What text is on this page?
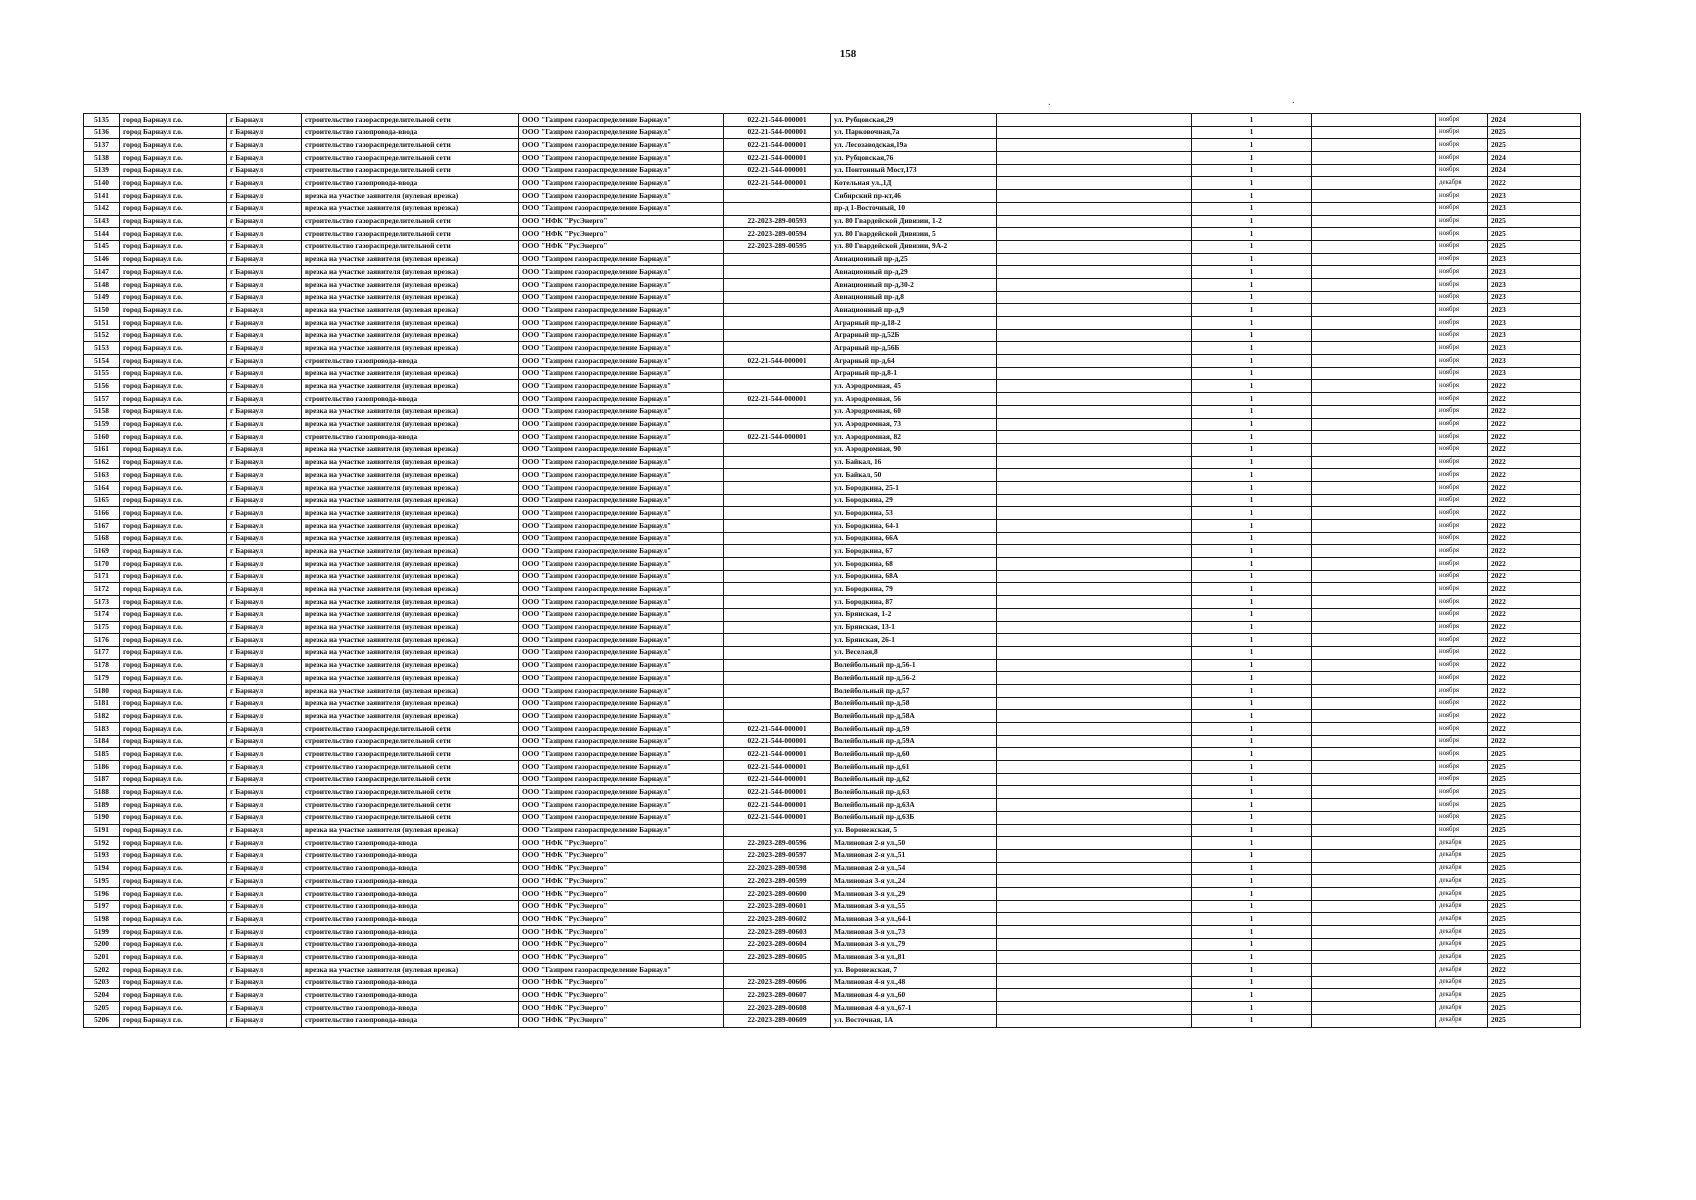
158
.	.
5135	город Барнаул г.о.	г Барнаул	строительство газораспределительной сети	ООО "Газпром газораспределение Барнаул"	022-21-544-000001	ул. Рубцовская,29		1		ноября	2024
5136	город Барнаул г.о.	г Барнаул	строительство газопровода-ввода	ООО "Газпром газораспределение Барнаул"	022-21-544-000001	ул. Парковочная,7а		1		ноября	2025
5137	город Барнаул г.о.	г Барнаул	строительство газораспределительной сети	ООО "Газпром газораспределение Барнаул"	022-21-544-000001	ул. Лесозаводская,19а		1		ноября	2025
5138	город Барнаул г.о.	г Барнаул	строительство газораспределительной сети	ООО "Газпром газораспределение Барнаул"	022-21-544-000001	ул. Рубцовская,76		1		ноября	2024
5139	город Барнаул г.о.	г Барнаул	строительство газораспределительной сети	ООО "Газпром газораспределение Барнаул"	022-21-544-000001	ул. Понтонный Мост,173		1		ноября	2024
5140	город Барнаул г.о.	г Барнаул	строительство газопровода-ввода	ООО "Газпром газораспределение Барнаул"	022-21-544-000001	Котельная ул.,1Д		1		декабря	2022
5141	город Барнаул г.о.	г Барнаул	врезка на участке заявителя (нулевая врезка)	ООО "Газпром газораспределение Барнаул"		Сибирский пр-кт,46		1		ноября	2023
5142	город Барнаул г.о.	г Барнаул	врезка на участке заявителя (нулевая врезка)	ООО "Газпром газораспределение Барнаул"		пр-д 1-Восточный, 10		1		ноября	2023
5143	город Барнаул г.о.	г Барнаул	строительство газораспределительной сети	ООО "НФК "РусЭнерго"	22-2023-289-00593	ул. 80 Гвардейской Дивизии, 1-2		1		ноября	2025
5144	город Барнаул г.о.	г Барнаул	строительство газораспределительной сети	ООО "НФК "РусЭнерго"	22-2023-289-00594	ул. 80 Гвардейской Дивизии, 5		1		ноября	2025
5145	город Барнаул г.о.	г Барнаул	строительство газораспределительной сети	ООО "НФК "РусЭнерго"	22-2023-289-00595	ул. 80 Гвардейской Дивизии, 9А-2		1		ноября	2025
5146	город Барнаул г.о.	г Барнаул	врезка на участке заявителя (нулевая врезка)	ООО "Газпром газораспределение Барнаул"		Авиационный пр-д,25		1		ноября	2023
5147	город Барнаул г.о.	г Барнаул	врезка на участке заявителя (нулевая врезка)	ООО "Газпром газораспределение Барнаул"		Авиационный пр-д,29		1		ноября	2023
5148	город Барнаул г.о.	г Барнаул	врезка на участке заявителя (нулевая врезка)	ООО "Газпром газораспределение Барнаул"		Авиационный пр-д,30-2		1		ноября	2023
5149	город Барнаул г.о.	г Барнаул	врезка на участке заявителя (нулевая врезка)	ООО "Газпром газораспределение Барнаул"		Авиационный пр-д,8		1		ноября	2023
5150	город Барнаул г.о.	г Барнаул	врезка на участке заявителя (нулевая врезка)	ООО "Газпром газораспределение Барнаул"		Авиационный пр-д,9		1		ноября	2023
5151	город Барнаул г.о.	г Барнаул	врезка на участке заявителя (нулевая врезка)	ООО "Газпром газораспределение Барнаул"		Аграрный пр-д,18-2		1		ноября	2023
5152	город Барнаул г.о.	г Барнаул	врезка на участке заявителя (нулевая врезка)	ООО "Газпром газораспределение Барнаул"		Аграрный пр-д,52Б		1		ноября	2023
5153	город Барнаул г.о.	г Барнаул	врезка на участке заявителя (нулевая врезка)	ООО "Газпром газораспределение Барнаул"		Аграрный пр-д,56Б		1		ноября	2023
5154	город Барнаул г.о.	г Барнаул	строительство газопровода-ввода	ООО "Газпром газораспределение Барнаул"	022-21-544-000001	Аграрный пр-д,64		1		ноября	2023
5155	город Барнаул г.о.	г Барнаул	врезка на участке заявителя (нулевая врезка)	ООО "Газпром газораспределение Барнаул"		Аграрный пр-д,8-1		1		ноября	2023
5156	город Барнаул г.о.	г Барнаул	врезка на участке заявителя (нулевая врезка)	ООО "Газпром газораспределение Барнаул"		ул. Аэродромная, 45		1		ноября	2022
5157	город Барнаул г.о.	г Барнаул	строительство газопровода-ввода	ООО "Газпром газораспределение Барнаул"	022-21-544-000001	ул. Аэродромная, 56		1		ноября	2022
5158	город Барнаул г.о.	г Барнаул	врезка на участке заявителя (нулевая врезка)	ООО "Газпром газораспределение Барнаул"		ул. Аэродромная, 60		1		ноября	2022
5159	город Барнаул г.о.	г Барнаул	врезка на участке заявителя (нулевая врезка)	ООО "Газпром газораспределение Барнаул"		ул. Аэродромная, 73		1		ноября	2022
5160	город Барнаул г.о.	г Барнаул	строительство газопровода-ввода	ООО "Газпром газораспределение Барнаул"	022-21-544-000001	ул. Аэродромная, 82		1		ноября	2022
5161	город Барнаул г.о.	г Барнаул	врезка на участке заявителя (нулевая врезка)	ООО "Газпром газораспределение Барнаул"		ул. Аэродромная, 90		1		ноября	2022
5162	город Барнаул г.о.	г Барнаул	врезка на участке заявителя (нулевая врезка)	ООО "Газпром газораспределение Барнаул"		ул. Байкал, 16		1		ноября	2022
5163	город Барнаул г.о.	г Барнаул	врезка на участке заявителя (нулевая врезка)	ООО "Газпром газораспределение Барнаул"		ул. Байкал, 50		1		ноября	2022
5164	город Барнаул г.о.	г Барнаул	врезка на участке заявителя (нулевая врезка)	ООО "Газпром газораспределение Барнаул"		ул. Бородкина, 25-1		1		ноября	2022
5165	город Барнаул г.о.	г Барнаул	врезка на участке заявителя (нулевая врезка)	ООО "Газпром газораспределение Барнаул"		ул. Бородкина, 29		1		ноября	2022
5166	город Барнаул г.о.	г Барнаул	врезка на участке заявителя (нулевая врезка)	ООО "Газпром газораспределение Барнаул"		ул. Бородкина, 53		1		ноября	2022
5167	город Барнаул г.о.	г Барнаул	врезка на участке заявителя (нулевая врезка)	ООО "Газпром газораспределение Барнаул"		ул. Бородкина, 64-1		1		ноября	2022
5168	город Барнаул г.о.	г Барнаул	врезка на участке заявителя (нулевая врезка)	ООО "Газпром газораспределение Барнаул"		ул. Бородкина, 66А		1		ноября	2022
5169	город Барнаул г.о.	г Барнаул	врезка на участке заявителя (нулевая врезка)	ООО "Газпром газораспределение Барнаул"		ул. Бородкина, 67		1		ноября	2022
5170	город Барнаул г.о.	г Барнаул	врезка на участке заявителя (нулевая врезка)	ООО "Газпром газораспределение Барнаул"		ул. Бородкина, 68		1		ноября	2022
5171	город Барнаул г.о.	г Барнаул	врезка на участке заявителя (нулевая врезка)	ООО "Газпром газораспределение Барнаул"		ул. Бородкина, 68А		1		ноября	2022
5172	город Барнаул г.о.	г Барнаул	врезка на участке заявителя (нулевая врезка)	ООО "Газпром газораспределение Барнаул"		ул. Бородкина, 79		1		ноября	2022
5173	город Барнаул г.о.	г Барнаул	врезка на участке заявителя (нулевая врезка)	ООО "Газпром газораспределение Барнаул"		ул. Бородкина, 87		1		ноября	2022
5174	город Барнаул г.о.	г Барнаул	врезка на участке заявителя (нулевая врезка)	ООО "Газпром газораспределение Барнаул"		ул. Брянская, 1-2		1		ноября	2022
5175	город Барнаул г.о.	г Барнаул	врезка на участке заявителя (нулевая врезка)	ООО "Газпром газораспределение Барнаул"		ул. Брянская, 13-1		1		ноября	2022
5176	город Барнаул г.о.	г Барнаул	врезка на участке заявителя (нулевая врезка)	ООО "Газпром газораспределение Барнаул"		ул. Брянская, 26-1		1		ноября	2022
5177	город Барнаул г.о.	г Барнаул	врезка на участке заявителя (нулевая врезка)	ООО "Газпром газораспределение Барнаул"		ул. Веселая,8		1		ноября	2022
5178	город Барнаул г.о.	г Барнаул	врезка на участке заявителя (нулевая врезка)	ООО "Газпром газораспределение Барнаул"		Волейбольный пр-д,56-1		1		ноября	2022
5179	город Барнаул г.о.	г Барнаул	врезка на участке заявителя (нулевая врезка)	ООО "Газпром газораспределение Барнаул"		Волейбольный пр-д,56-2		1		ноября	2022
5180	город Барнаул г.о.	г Барнаул	врезка на участке заявителя (нулевая врезка)	ООО "Газпром газораспределение Барнаул"		Волейбольный пр-д,57		1		ноября	2022
5181	город Барнаул г.о.	г Барнаул	врезка на участке заявителя (нулевая врезка)	ООО "Газпром газораспределение Барнаул"		Волейбольный пр-д,58		1		ноября	2022
5182	город Барнаул г.о.	г Барнаул	врезка на участке заявителя (нулевая врезка)	ООО "Газпром газораспределение Барнаул"		Волейбольный пр-д,58А		1		ноября	2022
5183	город Барнаул г.о.	г Барнаул	строительство газораспределительной сети	ООО "Газпром газораспределение Барнаул"	022-21-544-000001	Волейбольный пр-д,59		1		ноября	2022
5184	город Барнаул г.о.	г Барнаул	строительство газораспределительной сети	ООО "Газпром газораспределение Барнаул"	022-21-544-000001	Волейбольный пр-д,59А		1		ноября	2022
5185	город Барнаул г.о.	г Барнаул	строительство газораспределительной сети	ООО "Газпром газораспределение Барнаул"	022-21-544-000001	Волейбольный пр-д,60		1		ноября	2025
5186	город Барнаул г.о.	г Барнаул	строительство газораспределительной сети	ООО "Газпром газораспределение Барнаул"	022-21-544-000001	Волейбольный пр-д,61		1		ноября	2025
5187	город Барнаул г.о.	г Барнаул	строительство газораспределительной сети	ООО "Газпром газораспределение Барнаул"	022-21-544-000001	Волейбольный пр-д,62		1		ноября	2025
5188	город Барнаул г.о.	г Барнаул	строительство газораспределительной сети	ООО "Газпром газораспределение Барнаул"	022-21-544-000001	Волейбольный пр-д,63		1		ноября	2025
5189	город Барнаул г.о.	г Барнаул	строительство газораспределительной сети	ООО "Газпром газораспределение Барнаул"	022-21-544-000001	Волейбольный пр-д,63А		1		ноября	2025
5190	город Барнаул г.о.	г Барнаул	строительство газораспределительной сети	ООО "Газпром газораспределение Барнаул"	022-21-544-000001	Волейбольный пр-д,63Б		1		ноября	2025
5191	город Барнаул г.о.	г Барнаул	врезка на участке заявителя (нулевая врезка)	ООО "Газпром газораспределение Барнаул"		ул. Воронежская, 5		1		ноября	2025
5192	город Барнаул г.о.	г Барнаул	строительство газопровода-ввода	ООО "НФК "РусЭнерго"	22-2023-289-00596	Малиновая 2-я ул.,50		1		декабря	2025
5193	город Барнаул г.о.	г Барнаул	строительство газопровода-ввода	ООО "НФК "РусЭнерго"	22-2023-289-00597	Малиновая 2-я ул.,51		1		декабря	2025
5194	город Барнаул г.о.	г Барнаул	строительство газопровода-ввода	ООО "НФК "РусЭнерго"	22-2023-289-00598	Малиновая 2-я ул.,54		1		декабря	2025
5195	город Барнаул г.о.	г Барнаул	строительство газопровода-ввода	ООО "НФК "РусЭнерго"	22-2023-289-00599	Малиновая 3-я ул.,24		1		декабря	2025
5196	город Барнаул г.о.	г Барнаул	строительство газопровода-ввода	ООО "НФК "РусЭнерго"	22-2023-289-00600	Малиновая 3-я ул.,29		1		декабря	2025
5197	город Барнаул г.о.	г Барнаул	строительство газопровода-ввода	ООО "НФК "РусЭнерго"	22-2023-289-00601	Малиновая 3-я ул.,55		1		декабря	2025
5198	город Барнаул г.о.	г Барнаул	строительство газопровода-ввода	ООО "НФК "РусЭнерго"	22-2023-289-00602	Малиновая 3-я ул.,64-1		1		декабря	2025
5199	город Барнаул г.о.	г Барнаул	строительство газопровода-ввода	ООО "НФК "РусЭнерго"	22-2023-289-00603	Малиновая 3-я ул.,73		1		декабря	2025
5200	город Барнаул г.о.	г Барнаул	строительство газопровода-ввода	ООО "НФК "РусЭнерго"	22-2023-289-00604	Малиновая 3-я ул.,79		1		декабря	2025
5201	город Барнаул г.о.	г Барнаул	строительство газопровода-ввода	ООО "НФК "РусЭнерго"	22-2023-289-00605	Малиновая 3-я ул.,81		1		декабря	2025
5202	город Барнаул г.о.	г Барнаул	врезка на участке заявителя (нулевая врезка)	ООО "Газпром газораспределение Барнаул"		ул. Воронежская, 7		1		декабря	2022
5203	город Барнаул г.о.	г Барнаул	строительство газопровода-ввода	ООО "НФК "РусЭнерго"	22-2023-289-00606	Малиновая 4-я ул.,48		1		декабря	2025
5204	город Барнаул г.о.	г Барнаул	строительство газопровода-ввода	ООО "НФК "РусЭнерго"	22-2023-289-00607	Малиновая 4-я ул.,60		1		декабря	2025
5205	город Барнаул г.о.	г Барнаул	строительство газопровода-ввода	ООО "НФК "РусЭнерго"	22-2023-289-00608	Малиновая 4-я ул.,67-1		1		декабря	2025
5206	город Барнаул г.о.	г Барнаул	строительство газопровода-ввода	ООО "НФК "РусЭнерго"	22-2023-289-00609	ул. Восточная, 1А		1		декабря	2025
